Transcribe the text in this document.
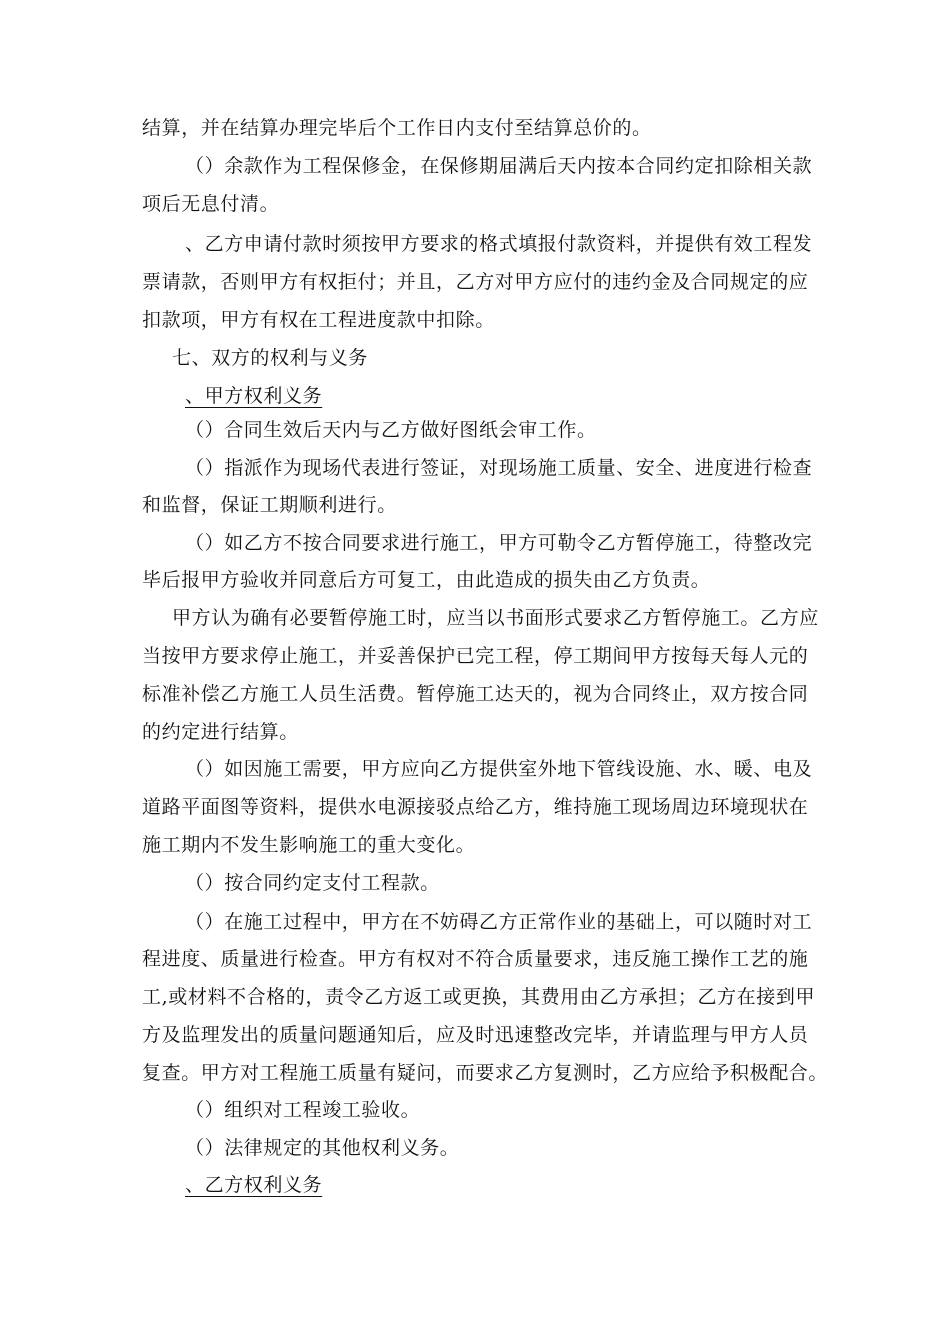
结算，并在结算办理完毕后个工作日内支付至结算总价的。
（）余款作为工程保修金，在保修期届满后天内按本合同约定扣除相关款
项后无息付清。
、乙方申请付款时须按甲方要求的格式填报付款资料，并提供有效工程发
票请款，否则甲方有权拒付；并且，乙方对甲方应付的违约金及合同规定的应
扣款项，甲方有权在工程进度款中扣除。
七、双方的权利与义务
、甲方权利义务
（）合同生效后天内与乙方做好图纸会审工作。
（）指派作为现场代表进行签证，对现场施工质量、安全、进度进行检查
和监督，保证工期顺利进行。
（）如乙方不按合同要求进行施工，甲方可勒令乙方暂停施工，待整改完
毕后报甲方验收并同意后方可复工，由此造成的损失由乙方负责。
甲方认为确有必要暂停施工时，应当以书面形式要求乙方暂停施工。乙方应
当按甲方要求停止施工，并妥善保护已完工程，停工期间甲方按每天每人元的
标准补偿乙方施工人员生活费。暂停施工达天的，视为合同终止，双方按合同
的约定进行结算。
（）如因施工需要，甲方应向乙方提供室外地下管线设施、水、暖、电及
道路平面图等资料，提供水电源接驳点给乙方，维持施工现场周边环境现状在
施工期内不发生影响施工的重大变化。
（）按合同约定支付工程款。
（）在施工过程中，甲方在不妨碍乙方正常作业的基础上，可以随时对工
程进度、质量进行检查。甲方有权对不符合质量要求，违反施工操作工艺的施
工,或材料不合格的，责令乙方返工或更换，其费用由乙方承担；乙方在接到甲
方及监理发出的质量问题通知后，应及时迅速整改完毕，并请监理与甲方人员
复查。甲方对工程施工质量有疑问，而要求乙方复测时，乙方应给予积极配合。
（）组织对工程竣工验收。
（）法律规定的其他权利义务。
、乙方权利义务
